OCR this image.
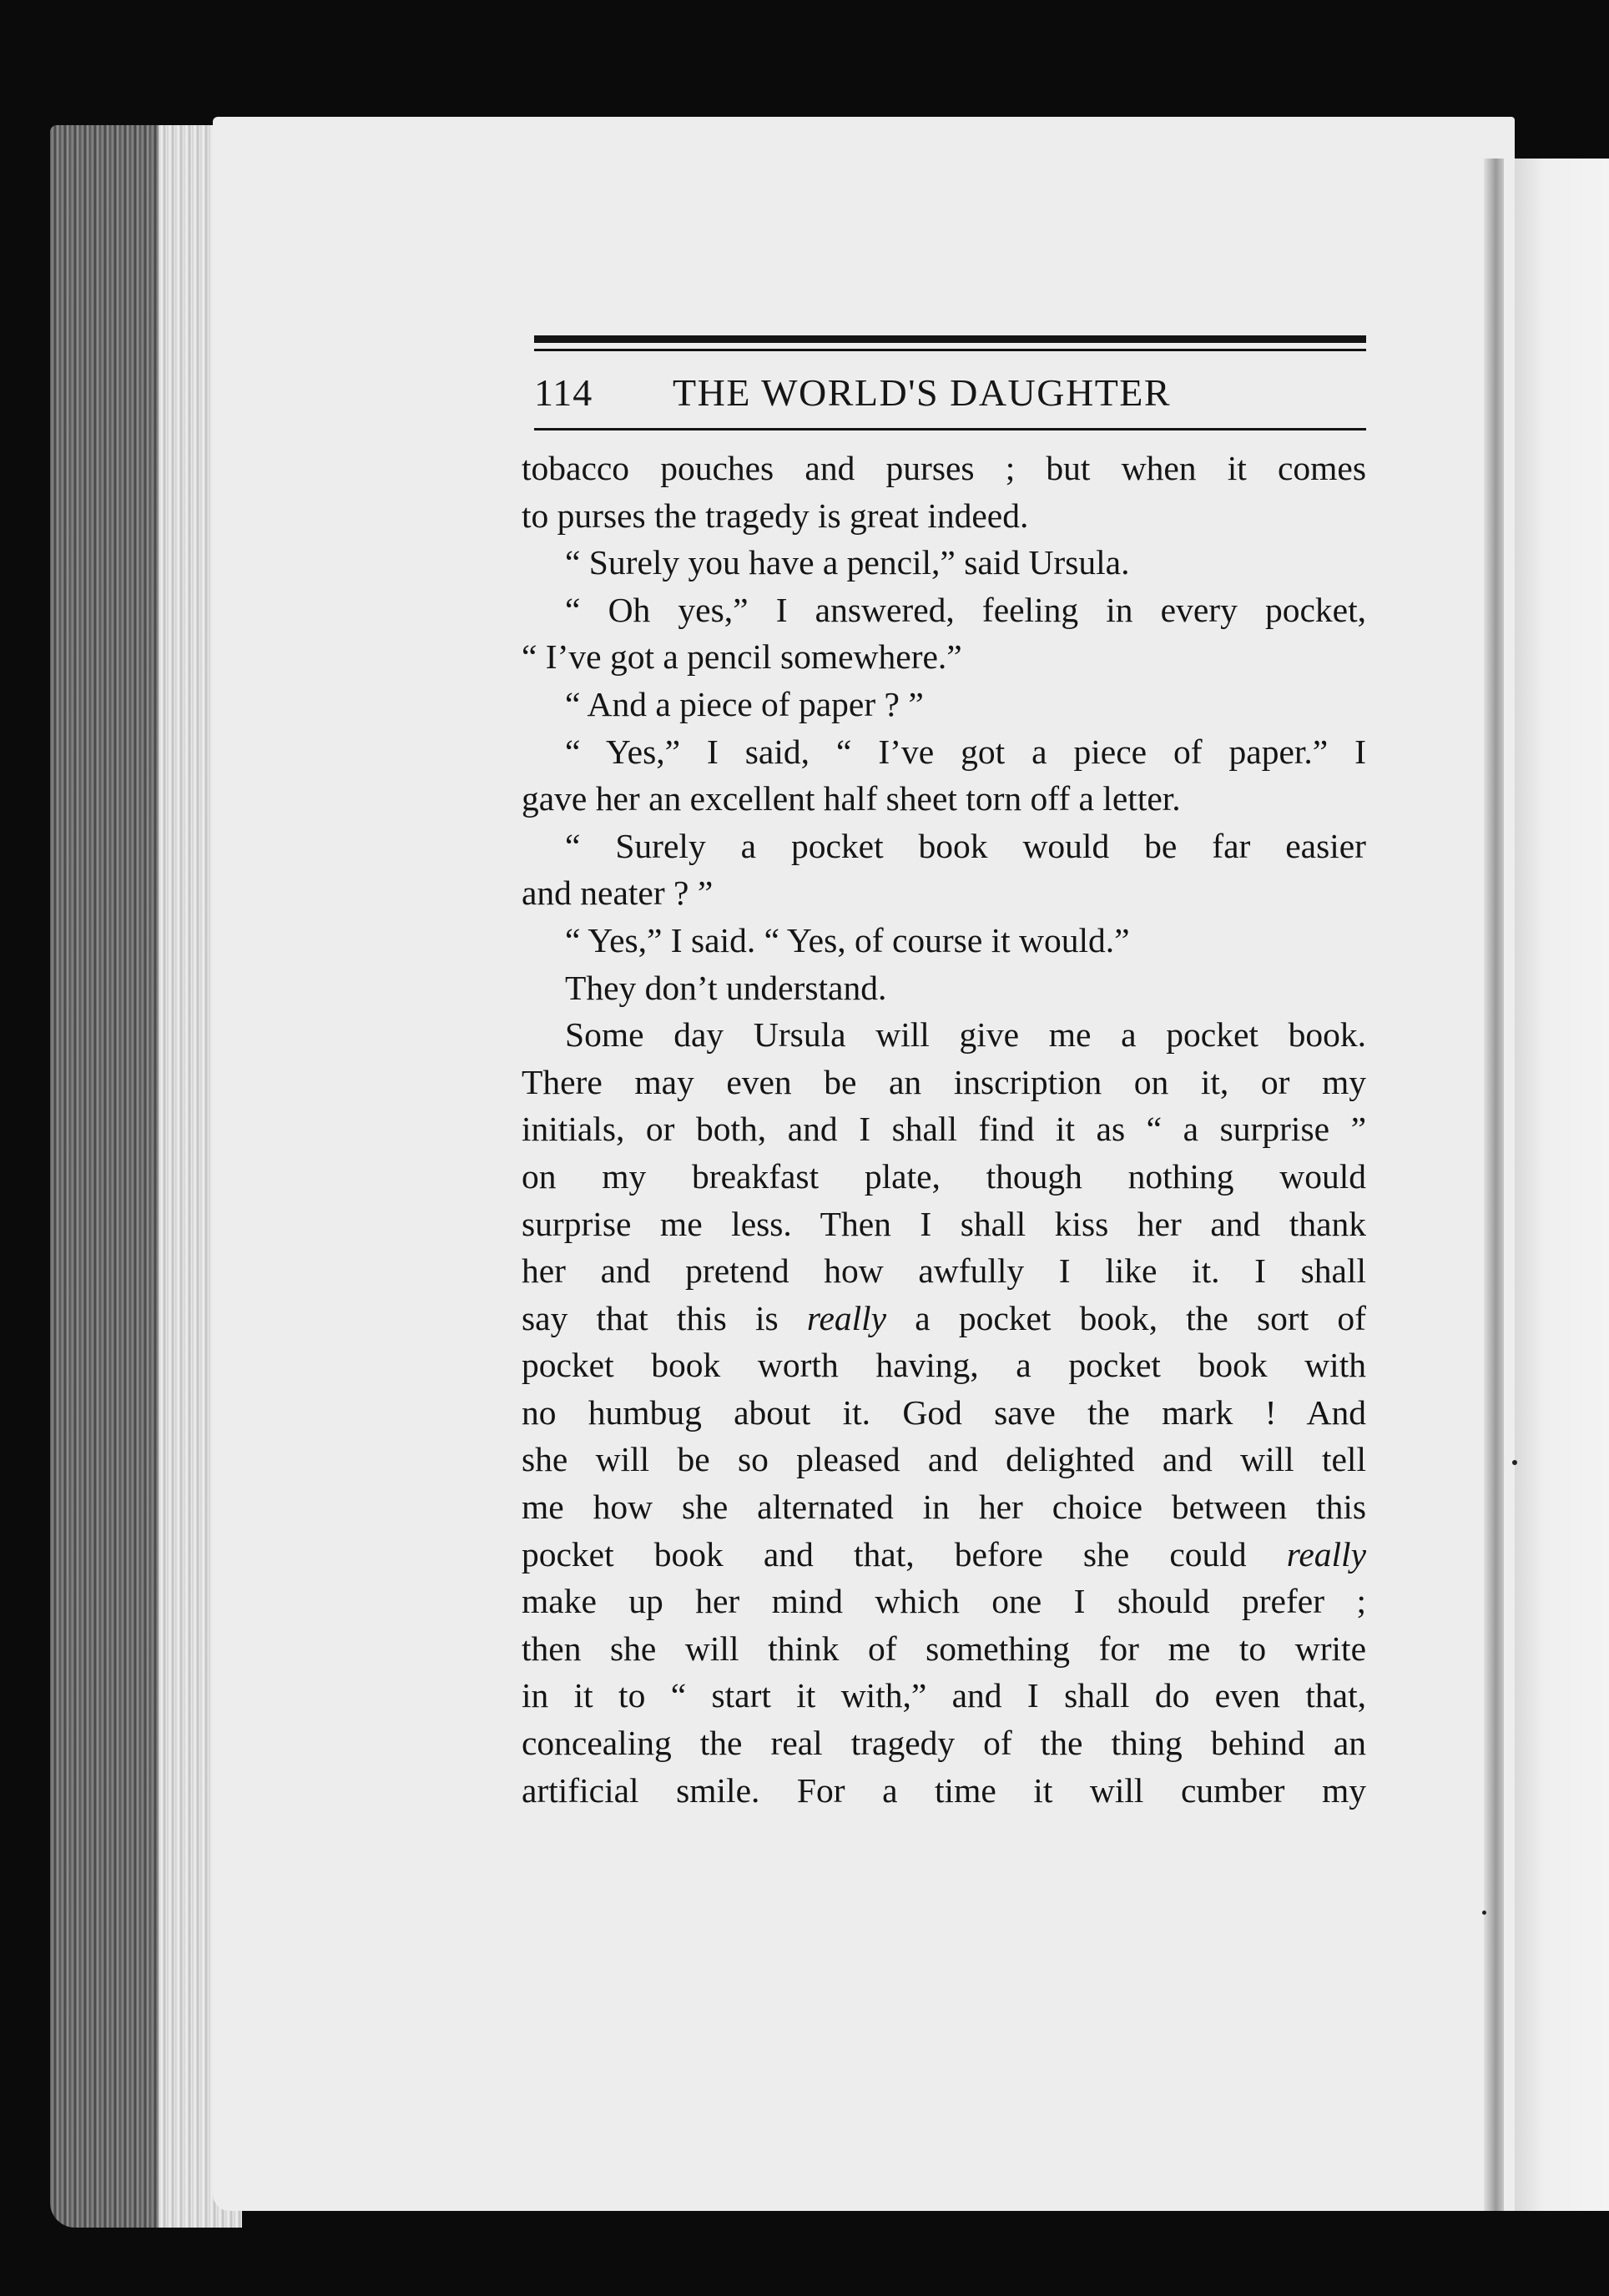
114 THE WORLD'S DAUGHTER
tobacco pouches and purses ; but when it comes
to purses the tragedy is great indeed.
“ Surely you have a pencil,” said Ursula.
“ Oh yes,” I answered, feeling in every pocket,
“ I’ve got a pencil somewhere.”
“ And a piece of paper ? ”
“ Yes,” I said, “ I’ve got a piece of paper.” I
gave her an excellent half sheet torn off a letter.
“ Surely a pocket book would be far easier
and neater ? ”
“ Yes,” I said. “ Yes, of course it would.”
They don’t understand.
Some day Ursula will give me a pocket book.
There may even be an inscription on it, or my
initials, or both, and I shall find it as “ a surprise ”
on my breakfast plate, though nothing would
surprise me less. Then I shall kiss her and thank
her and pretend how awfully I like it. I shall
say that this is really a pocket book, the sort of
pocket book worth having, a pocket book with
no humbug about it. God save the mark ! And
she will be so pleased and delighted and will tell
me how she alternated in her choice between this
pocket book and that, before she could really
make up her mind which one I should prefer ;
then she will think of something for me to write
in it to “ start it with,” and I shall do even that,
concealing the real tragedy of the thing behind an
artificial smile. For a time it will cumber my
